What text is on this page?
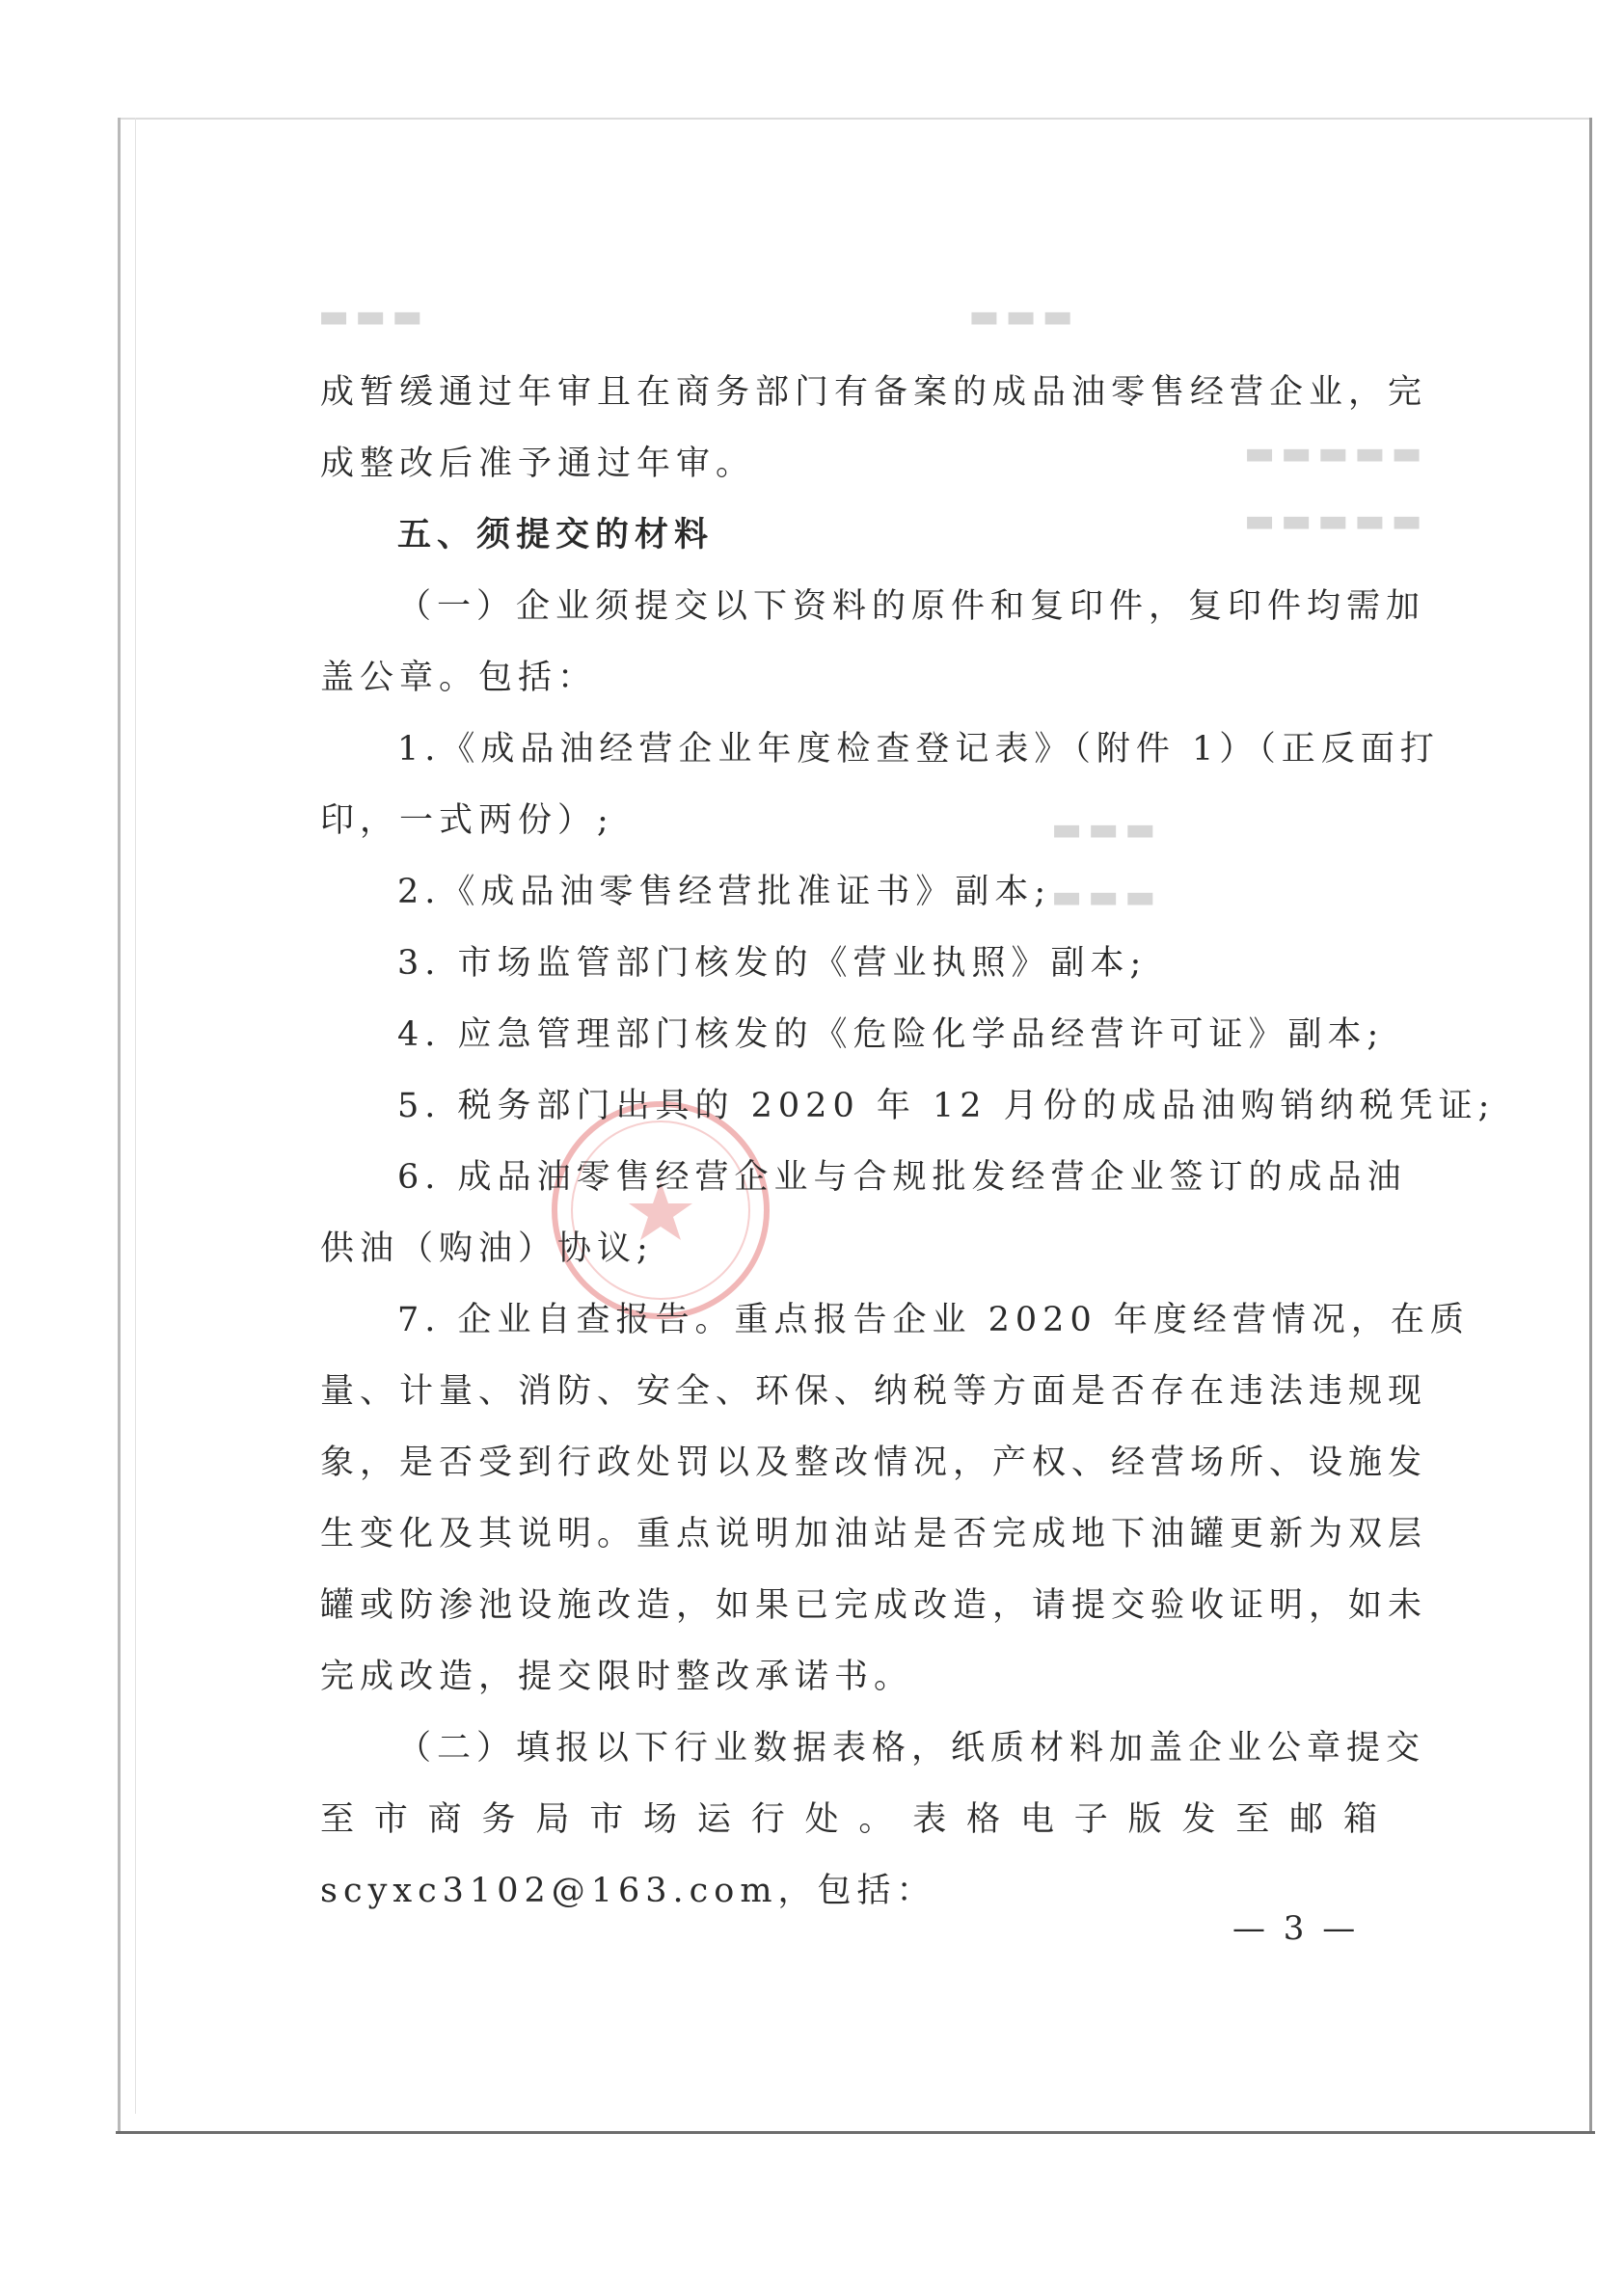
▬▬▬　　　　　　　　　　　　　　▬▬▬
▬▬▬▬▬
▬▬▬▬▬
▬▬▬
▬▬▬

成暂缓通过年审且在商务部门有备案的成品油零售经营企业，完

成整改后准予通过年审。

五、须提交的材料

（一）企业须提交以下资料的原件和复印件，复印件均需加

盖公章。包括：

1.《成品油经营企业年度检查登记表》（附件 1）（正反面打

印，一式两份）;

2.《成品油零售经营批准证书》副本;

3. 市场监管部门核发的《营业执照》副本;

4. 应急管理部门核发的《危险化学品经营许可证》副本;

5. 税务部门出具的 2020 年 12 月份的成品油购销纳税凭证;

6. 成品油零售经营企业与合规批发经营企业签订的成品油

供油（购油）协议;

7. 企业自查报告。重点报告企业 2020 年度经营情况，在质

量、计量、消防、安全、环保、纳税等方面是否存在违法违规现

象，是否受到行政处罚以及整改情况，产权、经营场所、设施发

生变化及其说明。重点说明加油站是否完成地下油罐更新为双层

罐或防渗池设施改造，如果已完成改造，请提交验收证明，如未

完成改造，提交限时整改承诺书。

（二）填报以下行业数据表格，纸质材料加盖企业公章提交

至市商务局市场运行处。表格电子版发至邮箱

scyxc3102@163.com，包括：

— 3 —
